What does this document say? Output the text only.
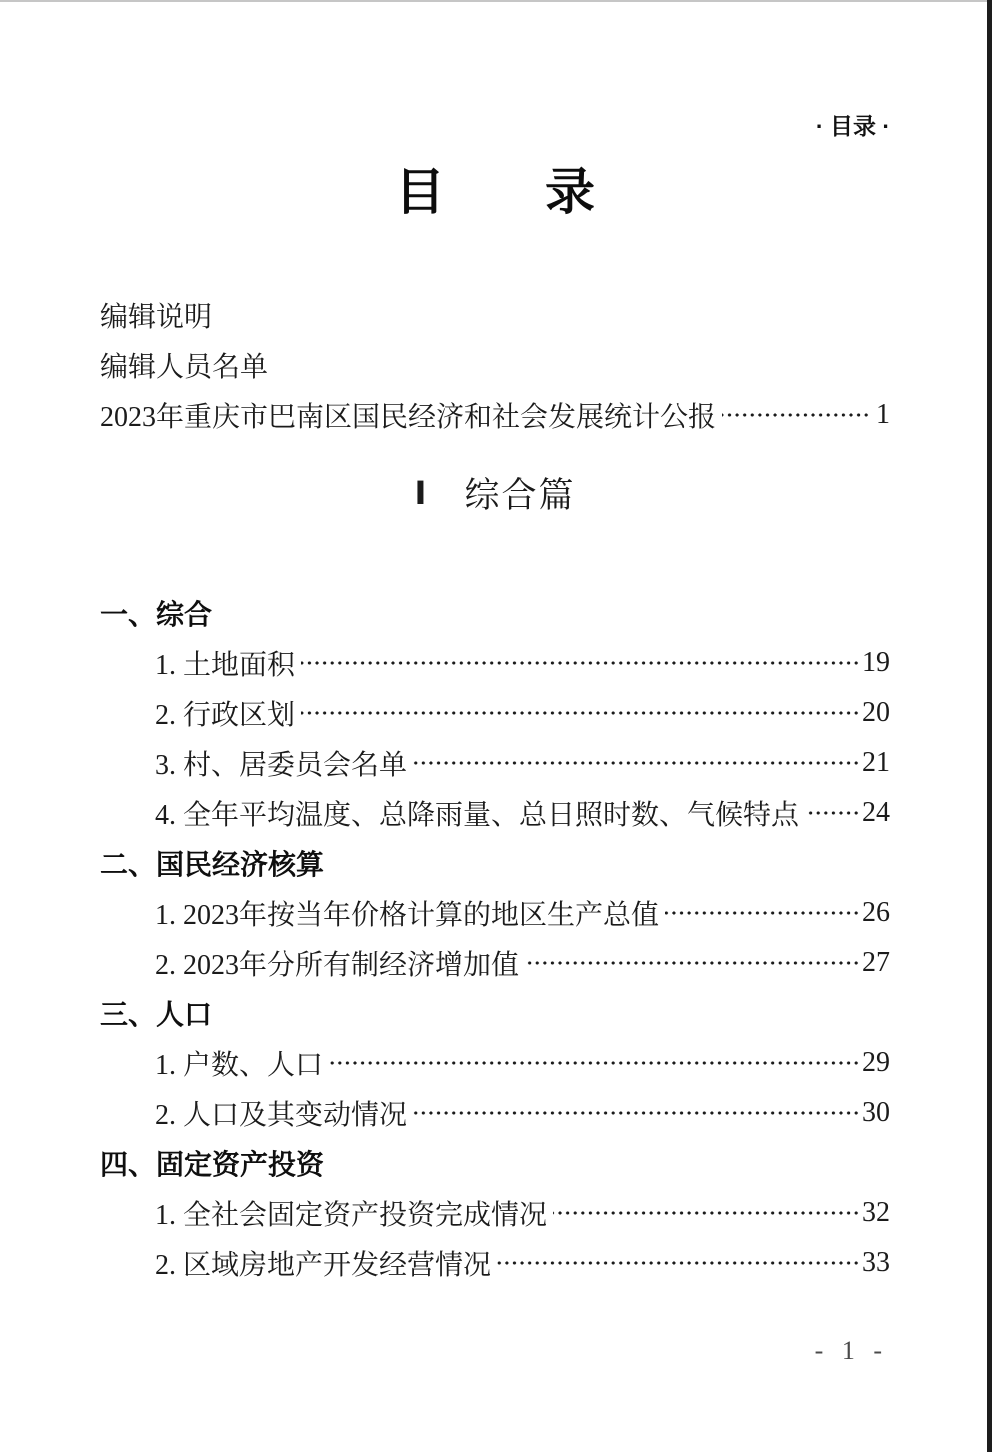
· 目录 ·
目　　录
编辑说明
编辑人员名单
2023年重庆市巴南区国民经济和社会发展统计公报	1
Ⅰ 综合篇
一、综合
1. 土地面积	19
2. 行政区划	20
3. 村、居委员会名单	21
4. 全年平均温度、总降雨量、总日照时数、气候特点 24
二、国民经济核算
1. 2023年按当年价格计算的地区生产总值	26
2. 2023年分所有制经济增加值	27
三、人口
1. 户数、人口	29
2. 人口及其变动情况	30
四、固定资产投资
1. 全社会固定资产投资完成情况	32
2. 区域房地产开发经营情况	33
- 1 -
